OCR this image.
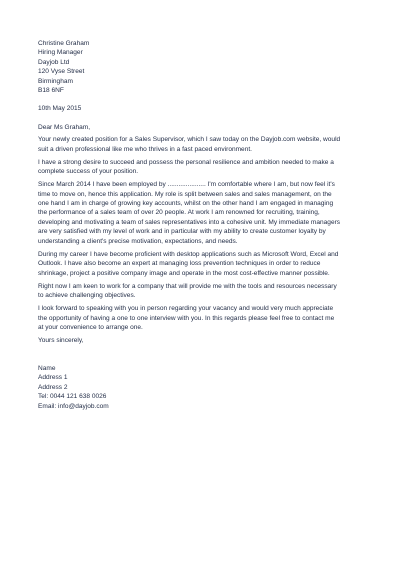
Christine Graham
Hiring Manager
Dayjob Ltd
120 Vyse Street
Birmingham
B18 6NF
10th May 2015
Dear Ms Graham,
Your newly created position for a Sales Supervisor, which I saw today on the Dayjob.com website, would
suit a driven professional like me who thrives in a fast paced environment.
I have a strong desire to succeed and possess the personal resilience and ambition needed to make a
complete success of your position.
Since March 2014 I have been employed by ..................... I'm comfortable where I am, but now feel it's
time to move on, hence this application. My role is split between sales and sales management, on the
one hand I am in charge of growing key accounts, whilst on the other hand I am engaged in managing
the performance of a sales team of over 20 people. At work I am renowned for recruiting, training,
developing and motivating a team of sales representatives into a cohesive unit. My immediate managers
are very satisfied with my level of work and in particular with my ability to create customer loyalty by
understanding a client's precise motivation, expectations, and needs.
During my career I have become proficient with desktop applications such as Microsoft Word, Excel and
Outlook. I have also become an expert at managing loss prevention techniques in order to reduce
shrinkage, project a positive company image and operate in the most cost-effective manner possible.
Right now I am keen to work for a company that will provide me with the tools and resources necessary
to achieve challenging objectives.
I look forward to speaking with you in person regarding your vacancy and would very much appreciate
the opportunity of having a one to one interview with you. In this regards please feel free to contact me
at your convenience to arrange one.
Yours sincerely,
Name
Address 1
Address 2
Tel: 0044 121 638 0026
Email: info@dayjob.com
